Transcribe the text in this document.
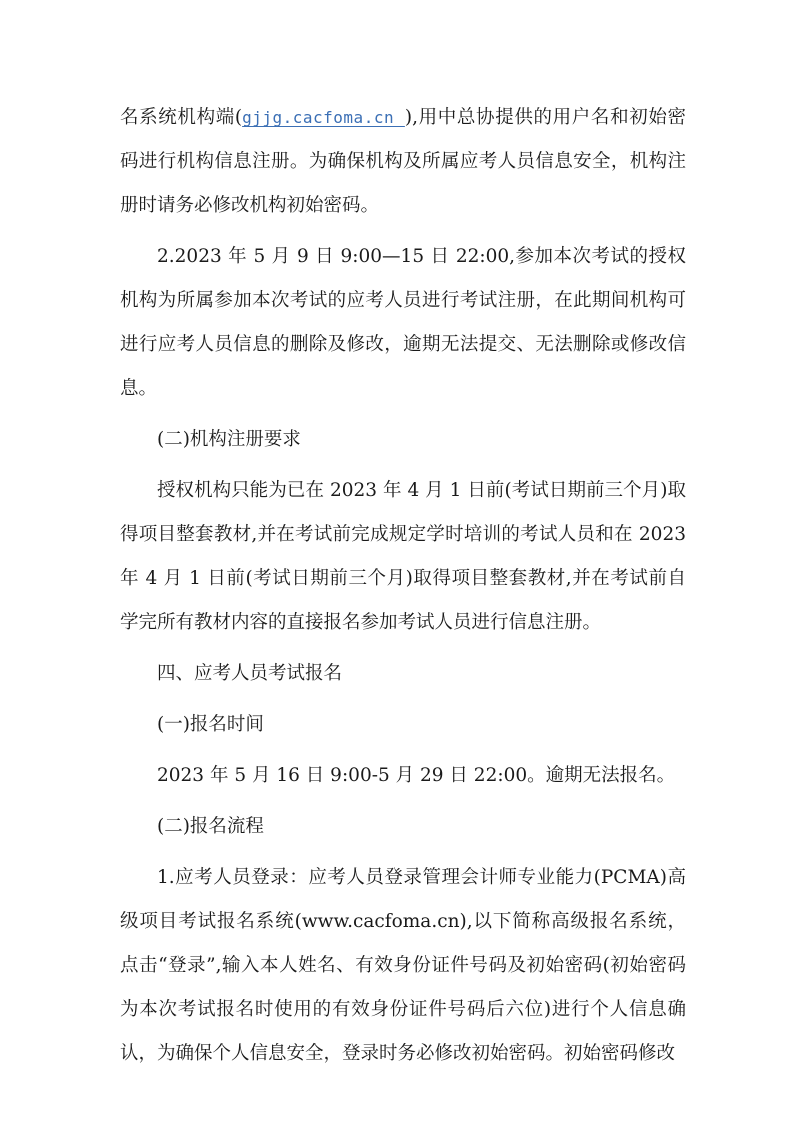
名系统机构端(gjjg.cacfoma.cn ),用中总协提供的用户名和初始密码进行机构信息注册。为确保机构及所属应考人员信息安全，机构注册时请务必修改机构初始密码。

2.2023 年 5 月 9 日 9:00—15 日 22:00,参加本次考试的授权机构为所属参加本次考试的应考人员进行考试注册，在此期间机构可进行应考人员信息的删除及修改，逾期无法提交、无法删除或修改信息。

(二)机构注册要求

授权机构只能为已在 2023 年 4 月 1 日前(考试日期前三个月)取得项目整套教材,并在考试前完成规定学时培训的考试人员和在 2023 年 4 月 1 日前(考试日期前三个月)取得项目整套教材,并在考试前自学完所有教材内容的直接报名参加考试人员进行信息注册。

四、应考人员考试报名

(一)报名时间

2023 年 5 月 16 日 9:00-5 月 29 日 22:00。逾期无法报名。

(二)报名流程

1.应考人员登录：应考人员登录管理会计师专业能力(PCMA)高级项目考试报名系统(www.cacfoma.cn),以下简称高级报名系统，点击“登录”,输入本人姓名、有效身份证件号码及初始密码(初始密码为本次考试报名时使用的有效身份证件号码后六位)进行个人信息确认，为确保个人信息安全，登录时务必修改初始密码。初始密码修改
